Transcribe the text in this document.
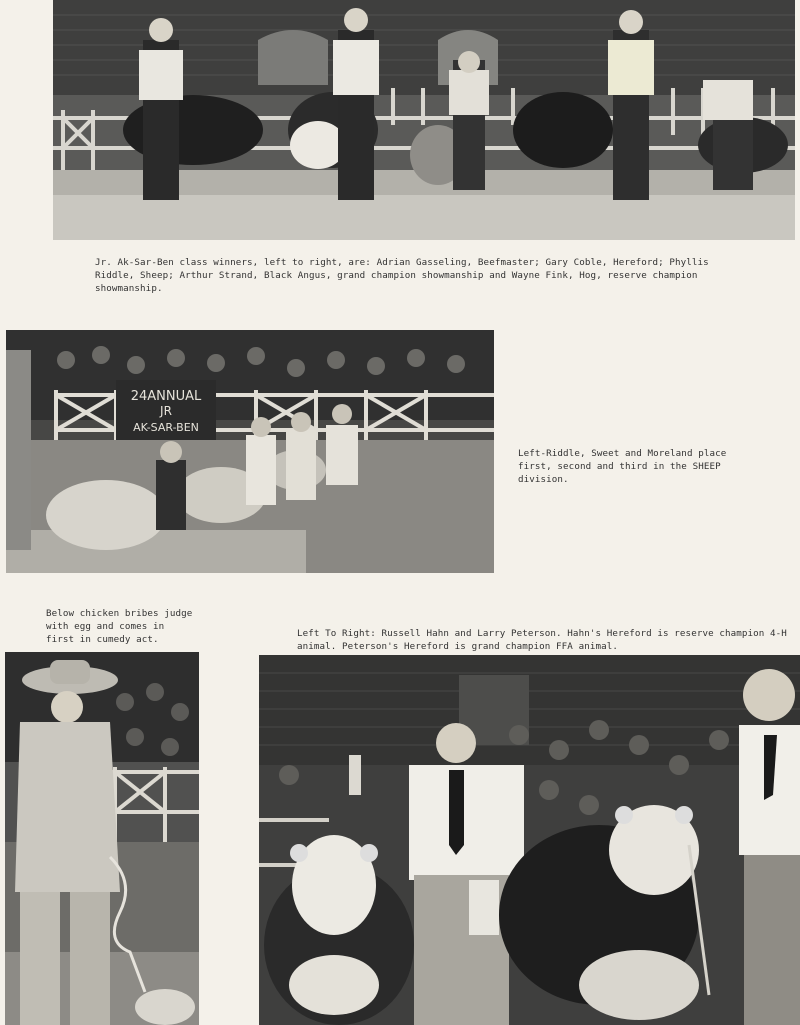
Jr. Ak-Sar-Ben class winners, left to right, are: Adrian Gasseling, Beefmaster; Gary Coble, Hereford; Phyllis Riddle, Sheep; Arthur Strand, Black Angus, grand champion showmanship and Wayne Fink, Hog, reserve champion showmanship.
24ANNUAL
JR
AK-SAR-BEN
Left-Riddle, Sweet and Moreland place first, second and third in the SHEEP division.
Below chicken bribes judge with egg and comes in first in cumedy act.
Left To Right: Russell Hahn and Larry Peterson. Hahn's Hereford is reserve champion 4-H animal. Peterson's Hereford is grand champion FFA animal.
